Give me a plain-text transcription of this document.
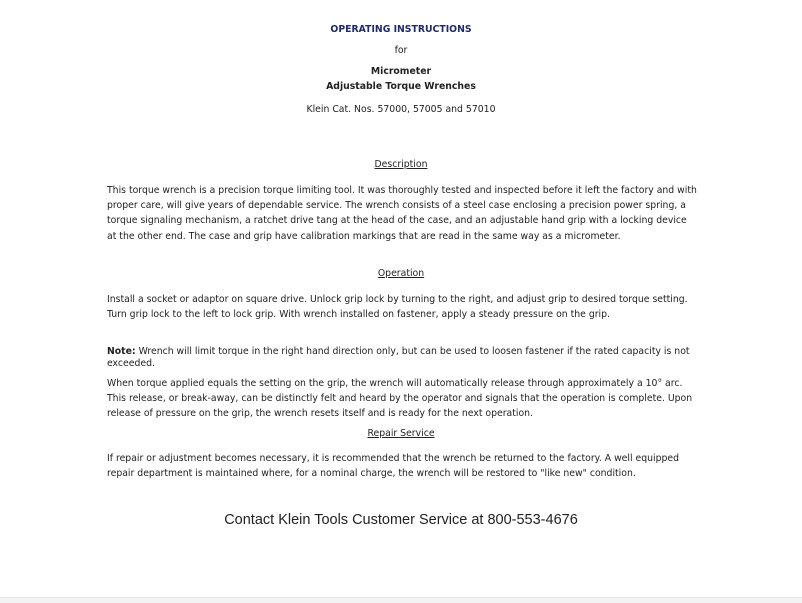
OPERATING INSTRUCTIONS
for
Micrometer
Adjustable Torque Wrenches
Klein Cat. Nos. 57000, 57005 and 57010
Description

This torque wrench is a precision torque limiting tool. It was thoroughly tested and inspected before it left the factory and with proper care, will give years of dependable service. The wrench consists of a steel case enclosing a precision power spring, a torque signaling mechanism, a ratchet drive tang at the head of the case, and an adjustable hand grip with a locking device at the other end. The case and grip have calibration markings that are read in the same way as a micrometer.

Operation

Install a socket or adaptor on square drive. Unlock grip lock by turning to the right, and adjust grip to desired torque setting. Turn grip lock to the left to lock grip. With wrench installed on fastener, apply a steady pressure on the grip.

Note: Wrench will limit torque in the right hand direction only, but can be used to loosen fastener if the rated capacity is not exceeded.

When torque applied equals the setting on the grip, the wrench will automatically release through approximately a 10° arc. This release, or break-away, can be distinctly felt and heard by the operator and signals that the operation is complete. Upon release of pressure on the grip, the wrench resets itself and is ready for the next operation.

Repair Service

If repair or adjustment becomes necessary, it is recommended that the wrench be returned to the factory. A well equipped repair department is maintained where, for a nominal charge, the wrench will be restored to "like new" condition.

Contact Klein Tools Customer Service at 800-553-4676
